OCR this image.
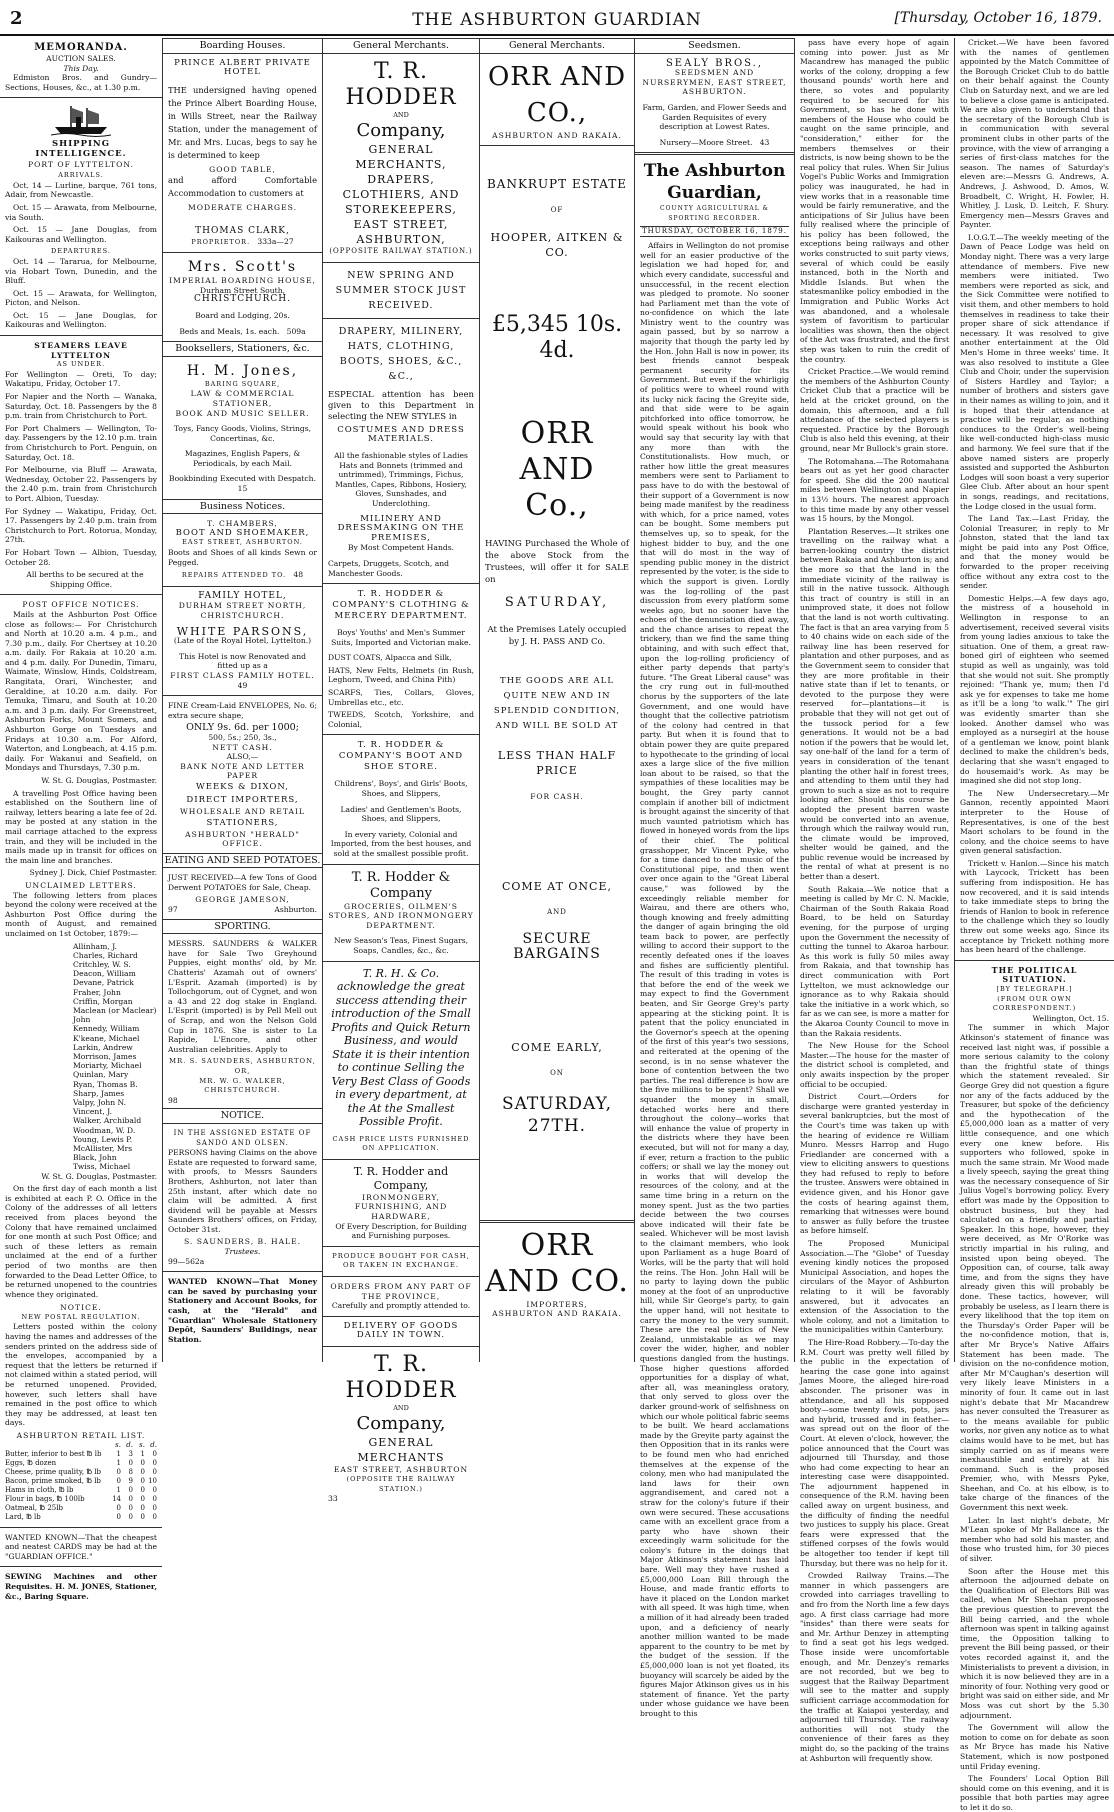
2	THE ASHBURTON GUARDIAN	[Thursday, October 16, 1879.
MEMORANDA.
AUCTION SALES.
This Day.

Edmiston Bros. and Gundry—Sections, Houses, &c., at 1.30 p.m.

SHIPPING INTELLIGENCE.
PORT OF LYTTELTON.
ARRIVALS.

Oct. 14 — Lurline, barque, 761 tons, Adair, from Newcastle.

Oct. 15 — Arawata, from Melbourne, via South.

Oct. 15 — Jane Douglas, from Kaikouras and Wellington.

DEPARTURES.

Oct. 14 — Tararua, for Melbourne, via Hobart Town, Dunedin, and the Bluff.

Oct. 15 — Arawata, for Wellington, Picton, and Nelson.

Oct. 15 — Jane Douglas, for Kaikouras and Wellington.

STEAMERS LEAVE LYTTELTON
AS UNDER.

For Wellington — Oreti, To day; Wakatipu, Friday, October 17.

For Napier and the North — Wanaka, Saturday, Oct. 18. Passengers by the 8 p.m. train from Christchurch to Port.

For Port Chalmers — Wellington, To-day. Passengers by the 12.10 p.m. train from Christchurch to Port. Penguin, on Saturday, Oct. 18.

For Melbourne, via Bluff — Arawata, Wednesday, October 22. Passengers by the 2.40 p.m. train from Christchurch to Port. Albion, Tuesday.

For Sydney — Wakatipu, Friday, Oct. 17. Passengers by 2.40 p.m. train from Christchurch to Port. Rotorua, Monday, 27th.

For Hobart Town — Albion, Tuesday, October 28.

All berths to be secured at the Shipping Office.

POST OFFICE NOTICES.

Mails at the Ashburton Post Office close as follows:— For Christchurch and North at 10.20 a.m. 4 p.m., and 7.30 p.m., daily. For Chertsey at 10.20 a.m. daily. For Rakaia at 10.20 a.m. and 4 p.m. daily. For Dunedin, Timaru, Waimate, Winslow, Hinds, Coldstream, Rangitata, Orari, Winchester, and Geraldine, at 10.20 a.m. daily. For Temuka, Timaru, and South at 10.20 a.m. and 3 p.m. daily. For Greenstreet, Ashburton Forks, Mount Somers, and Ashburton Gorge on Tuesdays and Fridays at 10.30 a.m. For Alford, Waterton, and Longbeach, at 4.15 p.m. daily. For Wakanui and Seafield, on Mondays and Thursdays, 7.30 p.m.

W. St. G. Douglas, Postmaster.

A travelling Post Office having been established on the Southern line of railway, letters bearing a late fee of 2d. may be posted at any station in the mail carriage attached to the express train, and they will be included in the mails made up in transit for offices on the main line and branches.

Sydney J. Dick, Chief Postmaster.

UNCLAIMED LETTERS.

The following letters from places beyond the colony were received at the Ashburton Post Office during the month of August, and remained unclaimed on 1st October, 1879:—

Allinham, J.
Charles, Richard
Critchley, W. S.
Deacon, William
Devane, Patrick
Fraher, John
Criffin, Morgan
Maclean (or Maclear) John
Kennedy, William
K'keane, Michael
Larkin, Andrew
Morrison, James
Moriarty, Michael
Quinlan, Mary
Ryan, Thomas B.
Sharp, James
Valpy, John N.
Vincent, J.
Walker, Archibald
Woodman, W. D.
Young, Lewis P.
McAllister, Mrs
Black, John
Twiss, Michael

W. St. G. Douglas, Postmaster.

On the first day of each month a list is exhibited at each P. O. Office in the Colony of the addresses of all letters received from places beyond the Colony that have remained unclaimed for one month at such Post Office; and such of these letters as remain unclaimed at the end of a further period of two months are then forwarded to the Dead Letter Office, to be returned unopened to the countries whence they originated.

NOTICE.
NEW POSTAL REGULATION.

Letters posted within the colony having the names and addresses of the senders printed on the address side of the envelopes, accompanied by a request that the letters be returned if not claimed within a stated period, will be returned unopened. Provided, however, such letters shall have remained in the post office to which they may be addressed, at least ten days.

ASHBURTON RETAIL LIST.
	s.	d.	s.	d.
Butter, inferior to best ℔ lb	1	3	1	0
Eggs, ℔ dozen	1	0	0	0
Cheese, prime quality, ℔ lb	0	8	0	0
Bacon, prime smoked, ℔ lb	0	9	0	10
Hams in cloth, ℔ lb	1	0	0	0
Flour in bags, ℔ 100lb	14	0	0	0
Oatmeal, ℔ 25lb	0	0	0	0
Lard, ℔ lb	0	0	0	0

WANTED KNOWN—That the cheapest and neatest CARDS may be had at the "GUARDIAN OFFICE."

SEWING Machines and other Requisites. H. M. JONES, Stationer, &c., Baring Square.

Boarding Houses.
PRINCE ALBERT PRIVATE HOTEL

THE undersigned having opened the Prince Albert Boarding House, in Wills Street, near the Railway Station, under the management of Mr. and Mrs. Lucas, begs to say he is determined to keep

GOOD TABLE,

and afford Comfortable Accommodation to customers at

MODERATE CHARGES.
THOMAS CLARK,
PROPRIETOR. 333a—27
Mrs. Scott's
IMPERIAL BOARDING HOUSE,
Durham Street South,
CHRISTCHURCH.
Board and Lodging, 20s.
Beds and Meals, 1s. each. 509a
Booksellers, Stationers, &c.
H. M. Jones,
BARING SQUARE,
LAW & COMMERCIAL STATIONER,
BOOK AND MUSIC SELLER.
Toys, Fancy Goods, Violins, Strings, Concertinas, &c.
Magazines, English Papers, & Periodicals, by each Mail.
Bookbinding Executed with Despatch. 15
Business Notices.
T. CHAMBERS,
BOOT AND SHOEMAKER,
EAST STREET, ASHBURTON.

Boots and Shoes of all kinds Sewn or Pegged.

REPAIRS ATTENDED TO. 48
FAMILY HOTEL,
DURHAM STREET NORTH,
CHRISTCHURCH.
WHITE PARSONS,
(Late of the Royal Hotel, Lyttelton.)
This Hotel is now Renovated and fitted up as a
FIRST CLASS FAMILY HOTEL. 49

FINE Cream-Laid ENVELOPES, No. 6; extra secure shape,

ONLY 9s. 6d. per 1000;
500, 5s.; 250, 3s.,
NETT CASH.
ALSO,—
BANK NOTE AND LETTER PAPER
WEEKS & DIXON,
DIRECT IMPORTERS,
WHOLESALE AND RETAIL
STATIONERS,
ASHBURTON "HERALD" OFFICE.
EATING AND SEED POTATOES.

JUST RECEIVED—A few Tons of Good Derwent POTATOES for Sale, Cheap.

GEORGE JAMESON,
97	Ashburton.
SPORTING.

MESSRS. SAUNDERS & WALKER have for Sale Two Greyhound Puppies, eight months' old, by Mr. Chatteris' Azamah out of owners' L'Esprit. Azamah (imported) is by Tollochgorum, out of Cygnet, and won a 43 and 22 dog stake in England. L'Esprit (imported) is by Pell Mell out of Scrap, and won the Nelson Gold Cup in 1876. She is sister to La Rapide, L'Encore, and other Australian celebrities. Apply to

MR. S. SAUNDERS, ASHBURTON, OR,
MR. W. G. WALKER, CHRISTCHURCH.
98
NOTICE.
IN THE ASSIGNED ESTATE OF SANDO AND OLSEN.

PERSONS having Claims on the above Estate are requested to forward same, with proofs, to Messrs Saunders Brothers, Ashburton, not later than 25th instant, after which date no claim will be admitted. A first dividend will be payable at Messrs Saunders Brothers' offices, on Friday, October 31st.

S. SAUNDERS, B. HALE. Trustees.
99—562a

WANTED KNOWN—That Money can be saved by purchasing your Stationery and Account Books, for cash, at the "Herald" and "Guardian" Wholesale Stationery Depôt, Saunders' Buildings, near Station.

General Merchants.
T. R. HODDER
AND
Company,
GENERAL MERCHANTS,
DRAPERS, CLOTHIERS, AND
STOREKEEPERS,
EAST STREET, ASHBURTON,
(OPPOSITE RAILWAY STATION.)
NEW SPRING AND SUMMER STOCK JUST RECEIVED.
DRAPERY, MILINERY, HATS, CLOTHING, BOOTS, SHOES, &C., &C.,

ESPECIAL attention has been given to this Department in selecting the NEW STYLES in

COSTUMES AND DRESS MATERIALS.
All the fashionable styles of Ladies Hats and Bonnets (trimmed and untrimmed), Trimmings, Fichus, Mantles, Capes, Ribbons, Hosiery, Gloves, Sunshades, and Underclothing.
MILINERY AND DRESSMAKING ON THE PREMISES,
By Most Competent Hands.
Carpets, Druggets, Scotch, and Manchester Goods.
T. R. HODDER & COMPANY'S CLOTHING & MERCERY DEPARTMENT.
Boys' Youths' and Men's Summer Suits, Imported and Victorian make.

DUST COATS, Alpacca and Silk,

HATS, New Felts, Helmets (in Rush, Leghorn, Tweed, and China Pith)

SCARFS, Ties, Collars, Gloves, Umbrellas etc., etc.

TWEEDS, Scotch, Yorkshire, and Colonial,

T. R. HODDER & COMPANY'S BOOT AND SHOE STORE.
Childrens', Boys', and Girls' Boots, Shoes, and Slippers,
Ladies' and Gentlemen's Boots, Shoes, and Slippers,
In every variety, Colonial and Imported, from the best houses, and sold at the smallest possible profit.
T. R. Hodder & Company
GROCERIES, OILMEN'S STORES, AND IRONMONGERY DEPARTMENT.
New Season's Teas, Finest Sugars, Soaps, Candles, &c., &c.
T. R. H. & Co. acknowledge the great success attending their introduction of the Small Profits and Quick Return Business, and would State it is their intention to continue Selling the Very Best Class of Goods in every department, at the At the Smallest Possible Profit.
CASH PRICE LISTS FURNISHED ON APPLICATION.
T. R. Hodder and Company,
IRONMONGERY, FURNISHING, AND HARDWARE,
Of Every Description, for Building and Furnishing purposes.
PRODUCE BOUGHT FOR CASH, OR TAKEN IN EXCHANGE.
ORDERS FROM ANY PART OF THE PROVINCE,
Carefully and promptly attended to.
DELIVERY OF GOODS DAILY IN TOWN.
T. R. HODDER
AND
Company,
GENERAL MERCHANTS
EAST STREET, ASHBURTON
(OPPOSITE THE RAILWAY STATION.)
33
General Merchants.
ORR AND CO.,
ASHBURTON AND RAKAIA.
BANKRUPT ESTATE
OF
HOOPER, AITKEN & CO.
£5,345 10s. 4d.
ORR AND Co.,

HAVING Purchased the Whole of the above Stock from the Trustees, will offer it for SALE on

SATURDAY,
At the Premises Lately occupied by J. H. PASS AND Co.
THE GOODS ARE ALL QUITE NEW AND IN SPLENDID CONDITION, AND WILL BE SOLD AT
LESS THAN HALF PRICE
FOR CASH.
COME AT ONCE,
AND
SECURE BARGAINS
COME EARLY,
ON
SATURDAY, 27TH.
ORR AND CO.
IMPORTERS,
ASHBURTON AND RAKAIA.
Seedsmen.
SEALY BROS.,
SEEDSMEN AND NURSERYMEN, EAST STREET, ASHBURTON.
Farm, Garden, and Flower Seeds and Garden Requisites of every description at Lowest Rates.
Nursery—Moore Street. 43
The Ashburton Guardian,
COUNTY AGRICULTURAL & SPORTING RECORDER.
THURSDAY, OCTOBER 16, 1879.

Affairs in Wellington do not promise well for an easier productive of the legislation we had hoped for, and which every candidate, successful and unsuccessful, in the recent election was pledged to promote. No sooner had Parliament met than the vote of no-confidence on which the late Ministry went to the country was again passed, but by so narrow a majority that though the party led by the Hon. John Hall is now in power, its best friends cannot bespeak permanent security for its Government. But even if the whirligig of politics were to wheel round with its lucky nick facing the Greyite side, and that side were to be again pitchforked into office tomorrow, he would speak without his book who would say that security lay with that any more than with the Constitutionalists. How much, or rather how little the great measures members were sent to Parliament to pass have to do with the bestowal of their support of a Government is now being made manifest by the readiness with which, for a price named, votes can be bought. Some members put themselves up, so to speak, for the highest bidder to buy, and the one that will do most in the way of spending public money in the district represented by the voter, is the side to which the support is given. Lordly was the log-rolling of the past discussion from every platform some weeks ago, but no sooner have the echoes of the denunciation died away, and the chance arises to repeat the trickery, than we find the same thing obtaining, and with such effect that, upon the log-rolling proficiency of either party depends that party's future. "The Great Liberal cause" was the cry rung out in full-mouthed chorus by the supporters of the late Government, and one would have thought that the collective patriotism of the colony had centred in that party. But when it is found that to obtain power they are quite prepared to hypothecate to the grinding of local axes a large slice of the five million loan about to be raised, so that the sympathies of these localities may be bought, the Grey party cannot complain if another bill of indictment is brought against the sincerity of that much vaunted patriotism which has flowed in honeyed words from the lips of their chief. The political grasshopper, Mr Vincent Pyke, who for a time danced to the music of the Constitutional pipe, and then went over once again to the "Great Liberal cause," was followed by the exceedingly reliable member for Wairau, and there are others who, though knowing and freely admitting the danger of again bringing the old team back to power, are perfectly willing to accord their support to the recently defeated ones if the loaves and fishes are sufficiently plentiful. The result of this trading in votes is that before the end of the week we may expect to find the Government beaten, and Sir George Grey's party appearing at the sticking point. It is patent that the policy enunciated in the Governor's speech at the opening of the first of this year's two sessions, and reiterated at the opening of the second, is in no sense whatever the bone of contention between the two parties. The real difference is how are the five millions to be spent? Shall we squander the money in small, detached works here and there throughout the colony—works that will enhance the value of property in the districts where they have been executed, but will not for many a day, if ever, return a fraction to the public coffers; or shall we lay the money out in works that will develop the resources of the colony, and at the same time bring in a return on the money spent. Just as the two parties decide between the two courses above indicated will their fate be sealed. Whichever will be most lavish to the claimant members, who look upon Parliament as a huge Board of Works, will be the party that will hold the reins. The Hon. John Hall will be no party to laying down the public money at the foot of an unproductive hill, while Sir George's party, to gain the upper hand, will not hesitate to carry the money to the very summit. These are the real politics of New Zealand, unmistakable as we may cover the wider, higher, and nobler questions dangled from the hustings. Those higher questions afforded opportunities for a display of what, after all, was meaningless oratory, that only served to gloss over the darker ground-work of selfishness on which our whole political fabric seems to be built. We heard acclamations made by the Greyite party against the then Opposition that in its ranks were to be found men who had enriched themselves at the expense of the colony, men who had manipulated the land laws for their own aggrandisement, and cared not a straw for the colony's future if their own were secured. These accusations came with an excellent grace from a party who have shown their exceedingly warm solicitude for the colony's future in the doings that Major Atkinson's statement has laid bare. Well may they have rushed a £5,000,000 Loan Bill through the House, and made frantic efforts to have it placed on the London market with all speed. It was high time, when a million of it had already been traded upon, and a deficiency of nearly another million wanted to be made apparent to the country to be met by the budget of the session. If the £5,000,000 loan is not yet floated, its buoyancy will scarcely be aided by the figures Major Atkinson gives us in his statement of finance. Yet the party under whose guidance we have been brought to this

pass have every hope of again coming into power. Just as Mr Macandrew has managed the public works of the colony, dropping a few thousand pounds' worth here and there, so votes and popularity required to be secured for his Government, so has he done with members of the House who could be caught on the same principle, and "consideration," either for the members themselves or their districts, is now being shown to be the real policy that rules. When Sir Julius Vogel's Public Works and Immigration policy was inaugurated, he had in view works that in a reasonable time would be fairly remunerative, and the anticipations of Sir Julius have been fully realised where the principle of his policy has been followed, the exceptions being railways and other works constructed to suit party views, several of which could be easily instanced, both in the North and Middle Islands. But when the statesmanlike policy embodied in the Immigration and Public Works Act was abandoned, and a wholesale system of favoritism to particular localities was shown, then the object of the Act was frustrated, and the first step was taken to ruin the credit of the country.

Cricket Practice.—We would remind the members of the Ashburton County Cricket Club that a practice will be held at the cricket ground, on the domain, this afternoon, and a full attendance of the selected players is requested. Practice by the Borough Club is also held this evening, at their ground, near Mr Bullock's grain store.

The Rotomahana.—The Rotomahana bears out as yet her good character for speed. She did the 200 nautical miles between Wellington and Napier in 13½ hours. The nearest approach to this time made by any other vessel was 15 hours, by the Mongol.

Plantation Reserves.—It strikes one travelling on the railway what a barren-looking country the district between Rakaia and Ashburton is; and the more so that the land in the immediate vicinity of the railway is still in the native tussock. Although this tract of country is still in an unimproved state, it does not follow that the land is not worth cultivating. The fact is that an area varying from 5 to 40 chains wide on each side of the railway line has been reserved for plantation and other purposes, and as the Government seem to consider that they are more profitable in their native state than if let to tenants, or devoted to the purpose they were reserved for—plantations—it is probable that they will not get out of the tussock period for a few generations. It would not be a bad notion if the powers that be would let, say one-half of the land for a term of years in consideration of the tenant planting the other half in forest trees, and attending to them until they had grown to such a size as not to require looking after. Should this course be adopted the present barren waste would be converted into an avenue, through which the railway would run, the climate would be improved, shelter would be gained, and the public revenue would be increased by the rental of what at present is no better than a desert.

South Rakaia.—We notice that a meeting is called by Mr C. N. Mackle, Chairman of the South Rakaia Road Board, to be held on Saturday evening, for the purpose of urging upon the Government the necessity of cutting the tunnel to Akaroa harbour. As this work is fully 50 miles away from Rakaia, and that township has direct communication with Port Lyttelton, we must acknowledge our ignorance as to why Rakaia should take the initiative in a work which, so far as we can see, is more a matter for the Akaroa County Council to move in than the Rakaia residents.

The New House for the School Master.—The house for the master of the district school is completed, and only awaits inspection by the proper official to be occupied.

District Court.—Orders for discharge were granted yesterday in several bankruptcies, but the most of the Court's time was taken up with the hearing of evidence re William Munro. Messrs Harrop and Hugo Friedlander are concerned with a view to eliciting answers to questions they had refused to reply to before the trustee. Answers were obtained in evidence given, and his Honor gave the costs of hearing against them, remarking that witnesses were bound to answer as fully before the trustee as before himself.

The Proposed Municipal Association.—The "Globe" of Tuesday evening kindly notices the proposed Municipal Association, and hopes the circulars of the Mayor of Ashburton relating to it will be favorably answered, but it advocates an extension of the Association to the whole colony, and not a limitation to the municipalities within Canterbury.

The Hire-Road Robbery.—To-day the R.M. Court was pretty well filled by the public in the expectation of hearing the case gone into against James Moore, the alleged hire-road absconder. The prisoner was in attendance, and all his supposed booty—some twenty fowls, pots, jars and hybrid, trussed and in feather—was spread out on the floor of the Court. At eleven o'clock, however, the police announced that the Court was adjourned till Thursday, and those who had come expecting to hear an interesting case were disappointed. The adjournment happened in consequence of the R.M. having been called away on urgent business, and the difficulty of finding the needful two justices to supply his place. Great fears were expressed that the stiffened corpses of the fowls would be altogether too tender if kept till Thursday, but there was no help for it.

Crowded Railway Trains.—The manner in which passengers are crowded into carriages travelling to and fro from the North line a few days ago. A first class carriage had more "insides" than there were seats for and Mr. Arthur Denzey in attempting to find a seat got his legs wedged. Those inside were uncomfortable enough, and Mr. Denzey's remarks are not recorded, but we beg to suggest that the Railway Department will see to the matter and supply sufficient carriage accommodation for the traffic at Kaiapoi yesterday, and adjourned till Thursday. The railway authorities will not study the convenience of their fares as they might do, so the packing of the trains at Ashburton will frequently show.

Cricket.—We have been favored with the names of gentlemen appointed by the Match Committee of the Borough Cricket Club to do battle on their behalf against the County Club on Saturday next, and we are led to believe a close game is anticipated. We are also given to understand that the secretary of the Borough Club is in communication with several prominent clubs in other parts of the province, with the view of arranging a series of first-class matches for the season. The names of Saturday's eleven are:—Messrs G. Andrews, A. Andrews, J. Ashwood, D. Amos, W. Broadbelt, C. Wright, H. Fowler, H. Whitley, J. Lusk, D. Leitch, F. Shury. Emergency men—Messrs Graves and Paynter.

I.O.G.T.—The weekly meeting of the Dawn of Peace Lodge was held on Monday night. There was a very large attendance of members. Five new members were initiated. Two members were reported as sick, and the Sick Committee were notified to visit them, and other members to hold themselves in readiness to take their proper share of sick attendance if necessary. It was resolved to give another entertainment at the Old Men's Home in three weeks' time. It was also resolved to institute a Glee Club and Choir, under the supervision of Sisters Hardley and Taylor; a number of brothers and sisters gave in their names as willing to join, and it is hoped that their attendance at practice will be regular, as nothing conduces to the Order's well-being like well-conducted high-class music and harmony. We feel sure that if the above named sisters are properly assisted and supported the Ashburton Lodges will soon boast a very superior Glee Club. After about an hour spent in songs, readings, and recitations, the Lodge closed in the usual form.

The Land Tax.—Last Friday, the Colonial Treasurer, in reply to Mr Johnston, stated that the land tax might be paid into any Post Office, and that the money would be forwarded to the proper receiving office without any extra cost to the sender.

Domestic Helps.—A few days ago, the mistress of a household in Wellington in response to an advertisement, received several visits from young ladies anxious to take the situation. One of them, a great raw-boned girl of eighteen who seemed stupid as well as ungainly, was told that she would not suit. She promptly rejoined: "Thank ye, mum; then I'd ask ye for expenses to take me home as it'll be a long 'to walk.'" The girl was evidently smarter than she looked. Another damsel who was employed as a nursegirl at the house of a gentleman we know, point blank declined to make the children's beds, declaring that she wasn't engaged to do housemaid's work. As may be imagined she did not stop long.

The New Undersecretary.—Mr Gannon, recently appointed Maori interpreter to the House of Representatives, is one of the best Maori scholars to be found in the colony, and the choice seems to have given general satisfaction.

Trickett v. Hanlon.—Since his match with Laycock, Trickett has been suffering from indisposition. He has now recovered, and it is said intends to take immediate steps to bring the friends of Hanlon to book in reference to the challenge which they so loudly threw out some weeks ago. Since its acceptance by Trickett nothing more has been heard of the challenge.

THE POLITICAL SITUATION.
[BY TELEGRAPH.]
(FROM OUR OWN CORRESPONDENT.)
Wellington, Oct. 15.

The summer in which Major Atkinson's statement of finance was received last night was, if possible a more serious calamity to the colony than the frightful state of things which the statement revealed. Sir George Grey did not question a figure nor any of the facts adduced by the Treasurer, but spoke of the deficiency and the hypothecation of the £5,000,000 loan as a matter of very little consequence, and one which every one knew before. His supporters who followed, spoke in much the same strain. Mr Wood made a lively speech, saying the great thing was the necessary consequence of Sir Julius Vogel's borrowing policy. Every effort was made by the Opposition to obstruct business, but they had calculated on a friendly and partial Speaker. In this hope, however, they were deceived, as Mr O'Rorke was strictly impartial in his ruling, and insisted upon being obeyed. The Opposition can, of course, talk away time, and from the signs they have already given this will probably be done. These tactics, however, will probably be useless, as I learn there is every likelihood that the top item on the Thursday's Order Paper will be the no-confidence motion, that is, after Mr Bryce's Native Affairs Statement has been made. The division on the no-confidence motion, after Mr M'Caughan's desertion will very likely leave Ministers in a minority of four. It came out in last night's debate that Mr Macandrew has never consulted the Treasurer as to the means available for public works, nor given any notice as to what claims would have to be met, but has simply carried on as if means were inexhaustible and entirely at his command. Such is the proposed Premier, who, with Messrs Pyke, Sheehan, and Co. at his elbow, is to take charge of the finances of the Government this next week.

Later. In last night's debate, Mr M'Lean spoke of Mr Ballance as the member who had sold his master, and those who trusted him, for 30 pieces of silver.

Soon after the House met this afternoon the adjourned debate on the Qualification of Electors Bill was called, when Mr Sheehan proposed the previous question to prevent the Bill being carried, and the whole afternoon was spent in talking against time, the Opposition talking to prevent the Bill being passed, or their votes recorded against it, and the Ministerialists to prevent a division, in which it is now believed they are in a minority of four. Nothing very good or bright was said on either side, and Mr Moss was cut short by the 5.30 adjournment.

The Government will allow the motion to come on for debate as soon as Mr Bryce has made his Native Statement, which is now postponed until Friday evening.

The Founders' Local Option Bill should come on this evening, and it is possible that both parties may agree to let it do so.
